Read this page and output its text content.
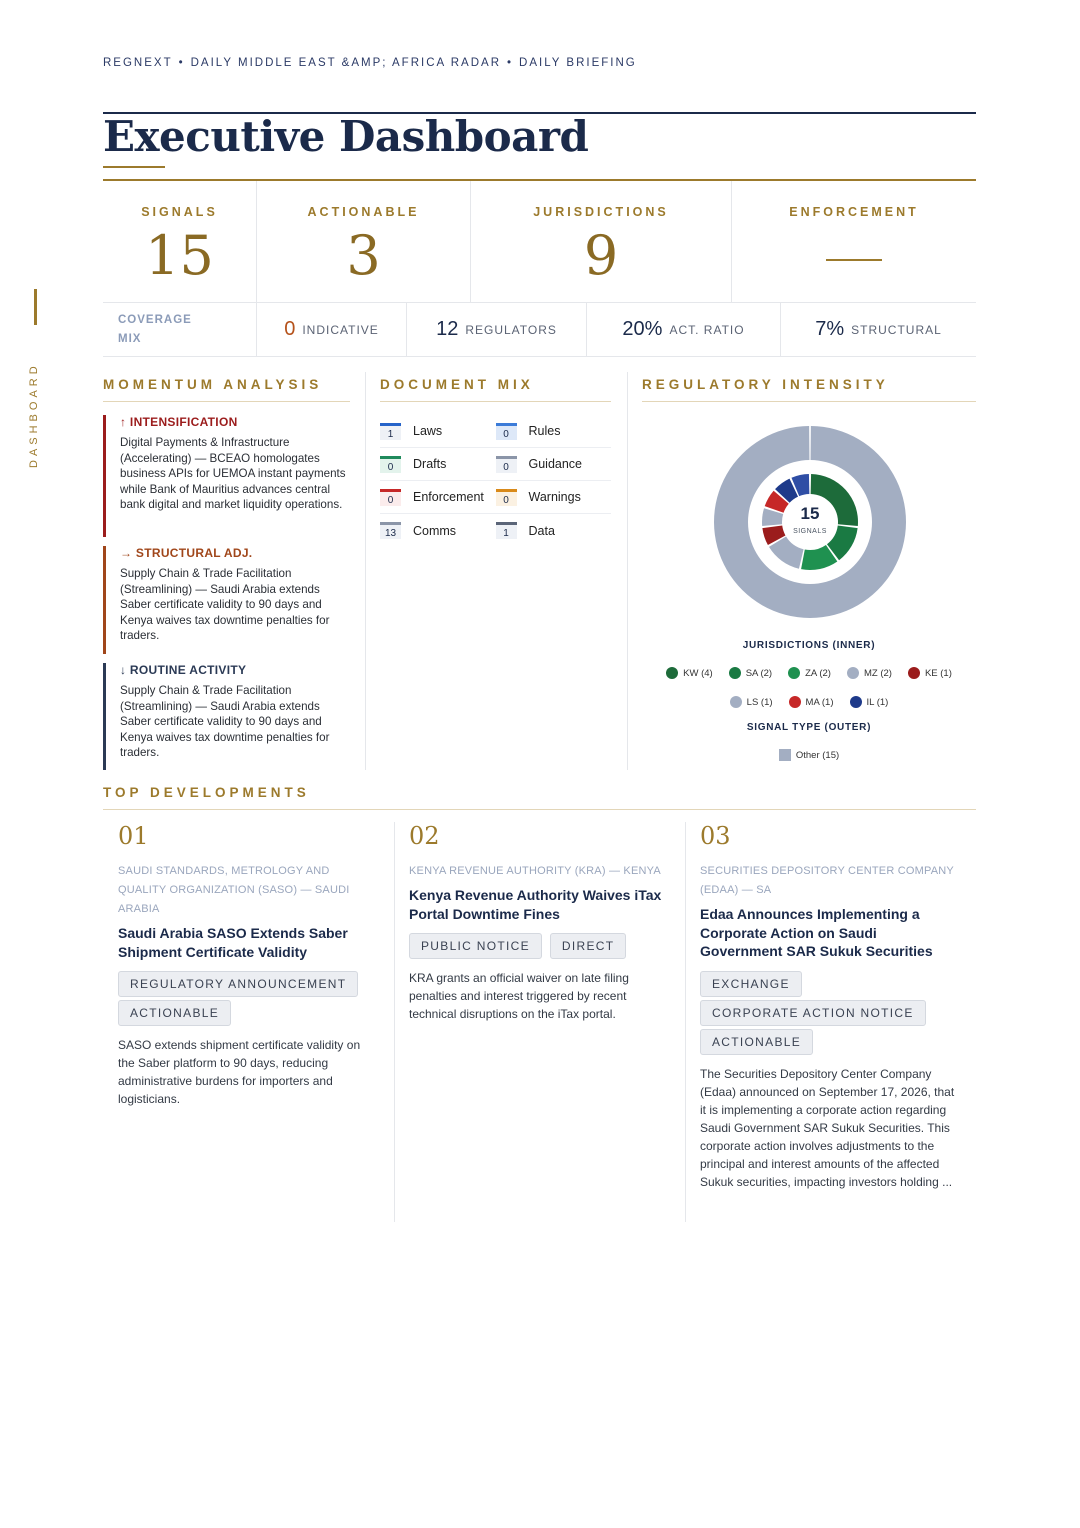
REGNEXT • DAILY MIDDLE EAST &AMP; AFRICA RADAR • DAILY BRIEFING
Executive Dashboard
DASHBOARD
SIGNALS
15
ACTIONABLE
3
JURISDICTIONS
9
ENFORCEMENT
COVERAGE
MIX	0 INDICATIVE	12 REGULATORS	20% ACT. RATIO	7% STRUCTURAL
MOMENTUM ANALYSIS	DOCUMENT MIX	REGULATORY INTENSITY
↑ INTENSIFICATION
Digital Payments & Infrastructure (Accelerating) — BCEAO homologates business APIs for UEMOA instant payments while Bank of Mauritius advances central bank digital and market liquidity operations.
→ STRUCTURAL ADJ.
Supply Chain & Trade Facilitation (Streamlining) — Saudi Arabia extends Saber certificate validity to 90 days and Kenya waives tax downtime penalties for traders.
↓ ROUTINE ACTIVITY
Supply Chain & Trade Facilitation (Streamlining) — Saudi Arabia extends Saber certificate validity to 90 days and Kenya waives tax downtime penalties for traders.
1	Laws	0	Rules
0	Drafts	0	Guidance
0	Enforcement	0	Warnings
13	Comms	1	Data
15
SIGNALS
JURISDICTIONS (INNER)
KW (4)	SA (2)	ZA (2)	MZ (2)	KE (1)
LS (1)	MA (1)	IL (1)
SIGNAL TYPE (OUTER)
Other (15)
TOP DEVELOPMENTS
01
SAUDI STANDARDS, METROLOGY AND QUALITY ORGANIZATION (SASO) — SAUDI ARABIA
Saudi Arabia SASO Extends Saber Shipment Certificate Validity
REGULATORY ANNOUNCEMENT
ACTIONABLE
SASO extends shipment certificate validity on the Saber platform to 90 days, reducing administrative burdens for importers and logisticians.
02
KENYA REVENUE AUTHORITY (KRA) — KENYA
Kenya Revenue Authority Waives iTax Portal Downtime Fines
PUBLIC NOTICE	DIRECT
KRA grants an official waiver on late filing penalties and interest triggered by recent technical disruptions on the iTax portal.
03
SECURITIES DEPOSITORY CENTER COMPANY (EDAA) — SA
Edaa Announces Implementing a Corporate Action on Saudi Government SAR Sukuk Securities
EXCHANGE
CORPORATE ACTION NOTICE
ACTIONABLE
The Securities Depository Center Company (Edaa) announced on September 17, 2026, that it is implementing a corporate action regarding Saudi Government SAR Sukuk Securities. This corporate action involves adjustments to the principal and interest amounts of the affected Sukuk securities, impacting investors holding ...
